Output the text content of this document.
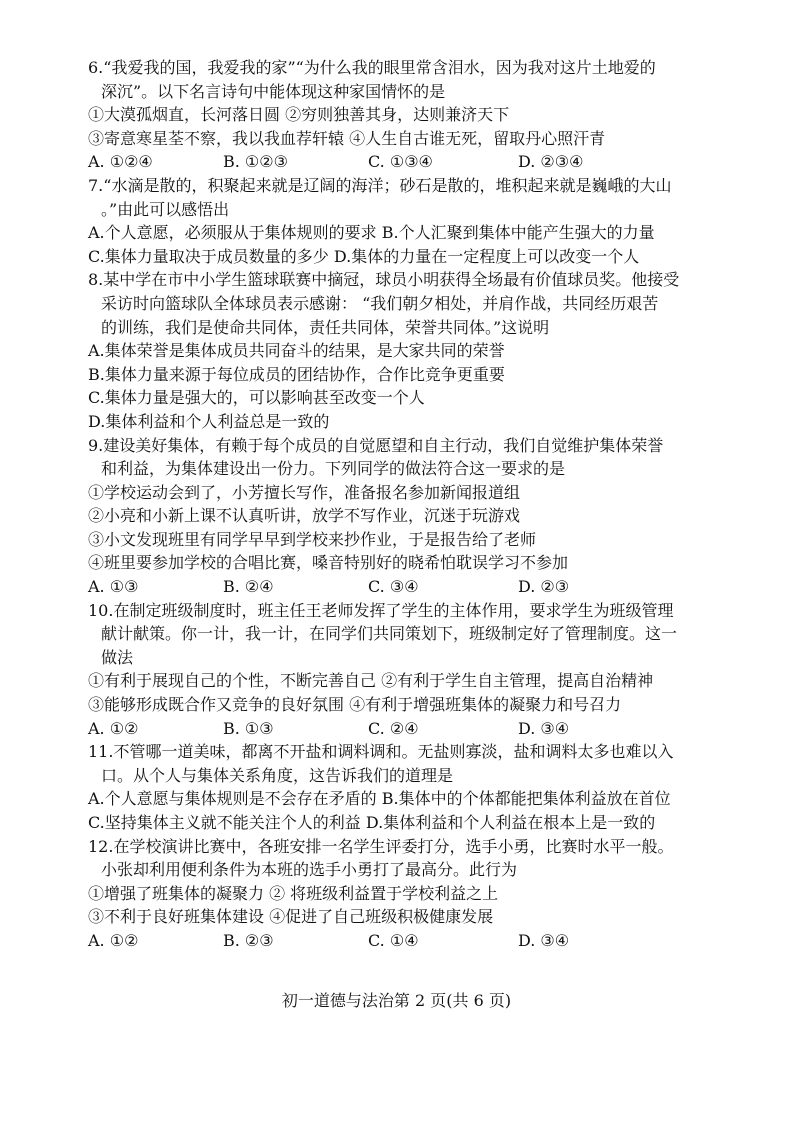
6.“我爱我的国，我爱我的家”“为什么我的眼里常含泪水，因为我对这片土地爱的
深沉”。以下名言诗句中能体现这种家国情怀的是
①大漠孤烟直，长河落日圆 ②穷则独善其身，达则兼济天下
③寄意寒星荃不察，我以我血荐轩辕 ④人生自古谁无死，留取丹心照汗青
A. ①②④	B. ①②③	C. ①③④	D. ②③④
7.“水滴是散的，积聚起来就是辽阔的海洋；砂石是散的，堆积起来就是巍峨的大山
。”由此可以感悟出
A.个人意愿，必须服从于集体规则的要求 B.个人汇聚到集体中能产生强大的力量
C.集体力量取决于成员数量的多少 D.集体的力量在一定程度上可以改变一个人
8.某中学在市中小学生篮球联赛中摘冠，球员小明获得全场最有价值球员奖。他接受
采访时向篮球队全体球员表示感谢： “我们朝夕相处，并肩作战，共同经历艰苦
的训练，我们是使命共同体，责任共同体，荣誉共同体。”这说明
A.集体荣誉是集体成员共同奋斗的结果，是大家共同的荣誉
B.集体力量来源于每位成员的团结协作，合作比竞争更重要
C.集体力量是强大的，可以影响甚至改变一个人
D.集体利益和个人利益总是一致的
9.建设美好集体，有赖于每个成员的自觉愿望和自主行动，我们自觉维护集体荣誉
和利益，为集体建设出一份力。下列同学的做法符合这一要求的是
①学校运动会到了，小芳擅长写作，准备报名参加新闻报道组
②小亮和小新上课不认真听讲，放学不写作业，沉迷于玩游戏
③小文发现班里有同学早早到学校来抄作业，于是报告给了老师
④班里要参加学校的合唱比赛，嗓音特别好的晓希怕耽误学习不参加
A. ①③	B. ②④	C. ③④	D. ②③
10.在制定班级制度时，班主任王老师发挥了学生的主体作用，要求学生为班级管理
献计献策。你一计，我一计，在同学们共同策划下，班级制定好了管理制度。这一
做法
①有利于展现自己的个性，不断完善自己 ②有利于学生自主管理，提高自治精神
③能够形成既合作又竞争的良好氛围 ④有利于增强班集体的凝聚力和号召力
A. ①②	B. ①③	C. ②④	D. ③④
11.不管哪一道美味，都离不开盐和调料调和。无盐则寡淡，盐和调料太多也难以入
口。从个人与集体关系角度，这告诉我们的道理是
A.个人意愿与集体规则是不会存在矛盾的 B.集体中的个体都能把集体利益放在首位
C.坚持集体主义就不能关注个人的利益 D.集体利益和个人利益在根本上是一致的
12.在学校演讲比赛中，各班安排一名学生评委打分，选手小勇，比赛时水平一般。
小张却利用便利条件为本班的选手小勇打了最高分。此行为
①增强了班集体的凝聚力 ② 将班级利益置于学校利益之上
③不利于良好班集体建设 ④促进了自己班级积极健康发展
A. ①②	B. ②③	C. ①④	D. ③④
初一道德与法治第 2 页(共 6 页)
